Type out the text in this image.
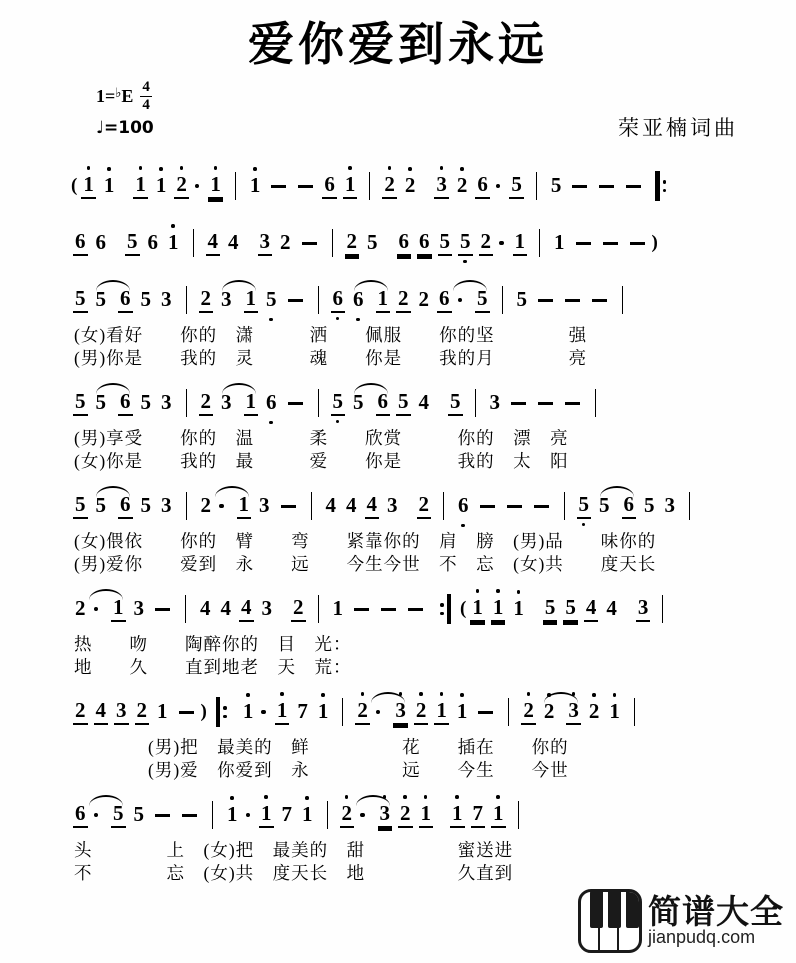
爱你爱到永远
1= ♭ E $\frac{4}{4}$
♩=100	荣亚楠词曲
( 1 1 1 1 2 1 1	6 1 2 2 3 2 6 5 5
6 6 5 6 1 4 4 3 2	2 5 6 6 5 5 2 1 1	)
5 5 6 5 3 2 3 1 5	6 6 1 2 2 6 5 5
(女)看好　　你的　潇　　　洒　　佩服　　你的坚　　　　强
(男)你是　　我的　灵　　　魂　　你是　　我的月　　　　亮
5 5 6 5 3 2 3 1 6	5 5 6 5 4 5 3
(男)享受　　你的　温　　　柔　　欣赏　　　你的　漂　亮
(女)你是　　我的　最　　　爱　　你是　　　我的　太　阳
5 5 6 5 3 2 1 3	4 4 4 3 2 6	5 5 6 5 3
(女)偎依　　你的　臂　　弯　　紧靠你的　肩　膀　(男)品　　味你的
(男)爱你　　爱到　永　　远　　今生今世　不　忘　(女)共　　度天长
2 1 3	4 4 4 3 2 1	( 1 1 1 5 5 4 4 3
热　　吻　　陶醉你的　目　光：
地　　久　　直到地老　天　荒：
2 4 3 2 1 ) 1 1 7 1 2 3 2 1 1	2 2 3 2 1
　　　　(男)把　最美的　鲜　　　　　花　　插在　　你的
　　　　(男)爱　你爱到　永　　　　　远　　今生　　今世
6 5 5	1 1 7 1 2 3 2 1 1 7 1
头　　　　上　(女)把　最美的　甜　　　　　蜜送进
不　　　　忘　(女)共　度天长　地　　　　　久直到
简谱大全
jianpudq.com
